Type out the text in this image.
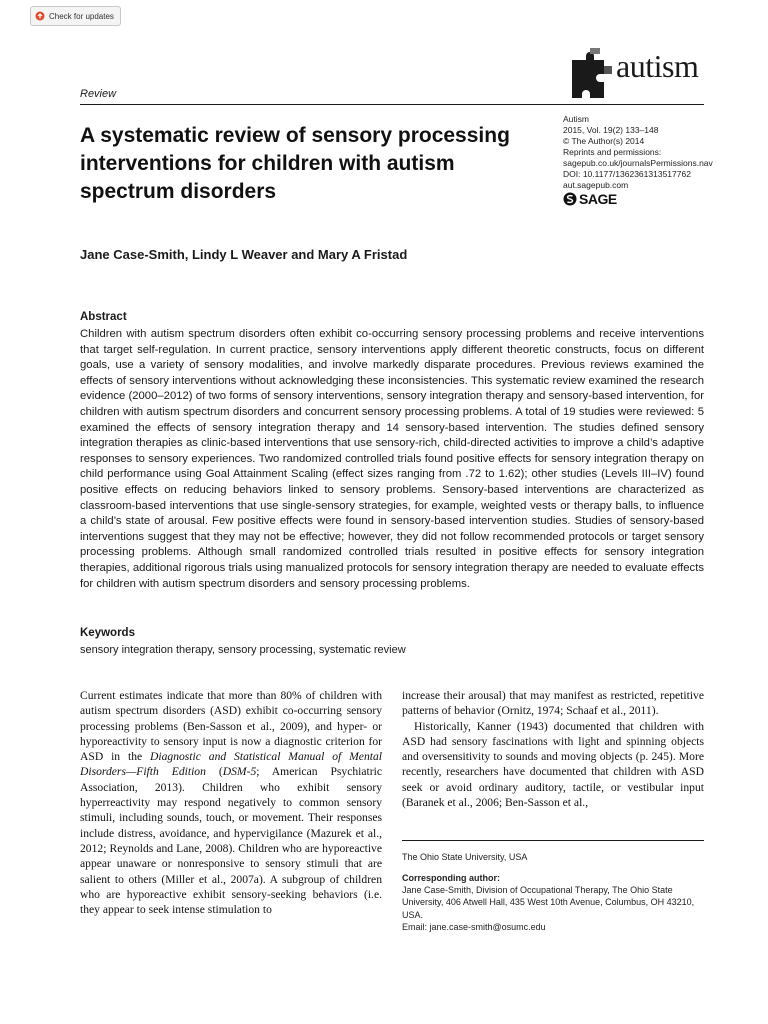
Check for updates
autism
Review
A systematic review of sensory processing interventions for children with autism spectrum disorders
Autism
2015, Vol. 19(2) 133–148
© The Author(s) 2014
Reprints and permissions:
sagepub.co.uk/journalsPermissions.nav
DOI: 10.1177/1362361313517762
aut.sagepub.com
SAGE
Jane Case-Smith, Lindy L Weaver and Mary A Fristad
Abstract
Children with autism spectrum disorders often exhibit co-occurring sensory processing problems and receive interventions that target self-regulation. In current practice, sensory interventions apply different theoretic constructs, focus on different goals, use a variety of sensory modalities, and involve markedly disparate procedures. Previous reviews examined the effects of sensory interventions without acknowledging these inconsistencies. This systematic review examined the research evidence (2000–2012) of two forms of sensory interventions, sensory integration therapy and sensory-based intervention, for children with autism spectrum disorders and concurrent sensory processing problems. A total of 19 studies were reviewed: 5 examined the effects of sensory integration therapy and 14 sensory-based intervention. The studies defined sensory integration therapies as clinic-based interventions that use sensory-rich, child-directed activities to improve a child’s adaptive responses to sensory experiences. Two randomized controlled trials found positive effects for sensory integration therapy on child performance using Goal Attainment Scaling (effect sizes ranging from .72 to 1.62); other studies (Levels III–IV) found positive effects on reducing behaviors linked to sensory problems. Sensory-based interventions are characterized as classroom-based interventions that use single-sensory strategies, for example, weighted vests or therapy balls, to influence a child’s state of arousal. Few positive effects were found in sensory-based intervention studies. Studies of sensory-based interventions suggest that they may not be effective; however, they did not follow recommended protocols or target sensory processing problems. Although small randomized controlled trials resulted in positive effects for sensory integration therapies, additional rigorous trials using manualized protocols for sensory integration therapy are needed to evaluate effects for children with autism spectrum disorders and sensory processing problems.
Keywords
sensory integration therapy, sensory processing, systematic review

Current estimates indicate that more than 80% of children with autism spectrum disorders (ASD) exhibit co-occurring sensory processing problems (Ben-Sasson et al., 2009), and hyper- or hyporeactivity to sensory input is now a diagnostic criterion for ASD in the Diagnostic and Statistical Manual of Mental Disorders—Fifth Edition (DSM-5; American Psychiatric Association, 2013). Children who exhibit sensory hyperreactivity may respond negatively to common sensory stimuli, including sounds, touch, or movement. Their responses include distress, avoidance, and hypervigilance (Mazurek et al., 2012; Reynolds and Lane, 2008). Children who are hyporeactive appear unaware or nonresponsive to sensory stimuli that are salient to others (Miller et al., 2007a). A subgroup of children who are hyporeactive exhibit sensory-seeking behaviors (i.e. they appear to seek intense stimulation to

increase their arousal) that may manifest as restricted, repetitive patterns of behavior (Ornitz, 1974; Schaaf et al., 2011).

Historically, Kanner (1943) documented that children with ASD had sensory fascinations with light and spinning objects and oversensitivity to sounds and moving objects (p. 245). More recently, researchers have documented that children with ASD seek or avoid ordinary auditory, tactile, or vestibular input (Baranek et al., 2006; Ben-Sasson et al.,

The Ohio State University, USA
Corresponding author:
Jane Case-Smith, Division of Occupational Therapy, The Ohio State University, 406 Atwell Hall, 435 West 10th Avenue, Columbus, OH 43210, USA.
Email: jane.case-smith@osumc.edu
